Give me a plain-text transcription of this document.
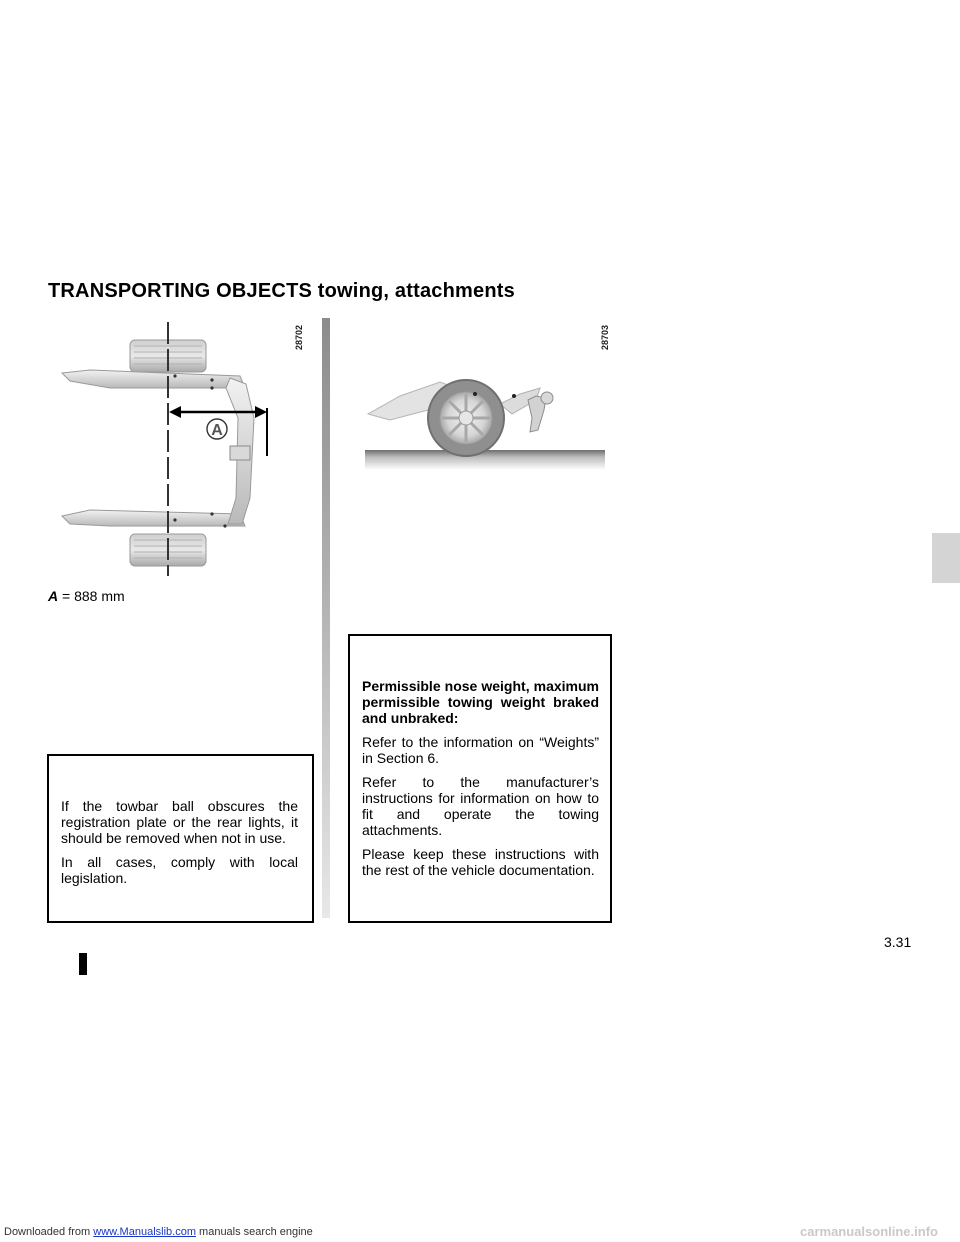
Downloaded from www.Manualslib.com manuals search engine	carmanualsonline.info
TRANSPORTING OBJECTS towing, attachments
A
28702
A = 888 mm
28703

If the towbar ball obscures the registration plate or the rear lights, it should be removed when not in use.

In all cases, comply with local legislation.

Permissible nose weight, maximum permissible towing weight braked and unbraked:

Refer to the information on “Weights” in Section 6.

Refer to the manufacturer’s instructions for information on how to fit and operate the towing attachments.

Please keep these instructions with the rest of the vehicle documentation.

3.31
